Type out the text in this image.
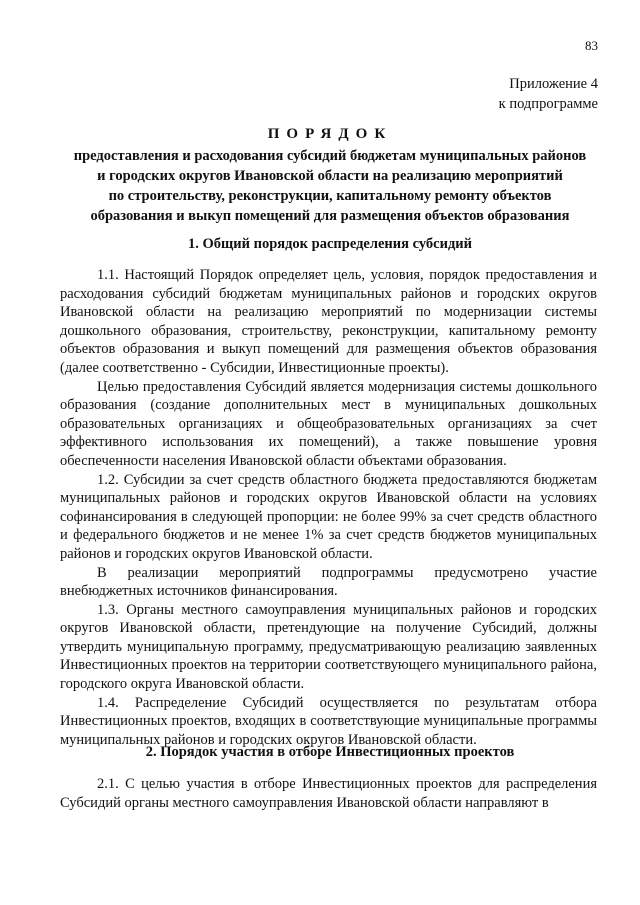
83
Приложение 4
к подпрограмме
ПОРЯДОК
предоставления и расходования субсидий бюджетам муниципальных районов
и городских округов Ивановской области на реализацию мероприятий
по строительству, реконструкции, капитальному ремонту объектов
образования и выкуп помещений для размещения объектов образования
1. Общий порядок распределения субсидий

1.1. Настоящий Порядок определяет цель, условия, порядок предоставления и расходования субсидий бюджетам муниципальных районов и городских округов Ивановской области на реализацию мероприятий по модернизации системы дошкольного образования, строительству, реконструкции, капитальному ремонту объектов образования и выкуп помещений для размещения объектов образования (далее соответственно - Субсидии, Инвестиционные проекты).

Целью предоставления Субсидий является модернизация системы дошкольного образования (создание дополнительных мест в муниципальных дошкольных образовательных организациях и общеобразовательных организациях за счет эффективного использования их помещений), а также повышение уровня обеспеченности населения Ивановской области объектами образования.

1.2. Субсидии за счет средств областного бюджета предоставляются бюджетам муниципальных районов и городских округов Ивановской области на условиях софинансирования в следующей пропорции: не более 99% за счет средств областного и федерального бюджетов и не менее 1% за счет средств бюджетов муниципальных районов и городских округов Ивановской области.

В реализации мероприятий подпрограммы предусмотрено участие внебюджетных источников финансирования.

1.3. Органы местного самоуправления муниципальных районов и городских округов Ивановской области, претендующие на получение Субсидий, должны утвердить муниципальную программу, предусматривающую реализацию заявленных Инвестиционных проектов на территории соответствующего муниципального района, городского округа Ивановской области.

1.4. Распределение Субсидий осуществляется по результатам отбора Инвестиционных проектов, входящих в соответствующие муниципальные программы муниципальных районов и городских округов Ивановской области.

2. Порядок участия в отборе Инвестиционных проектов

2.1. С целью участия в отборе Инвестиционных проектов для распределения Субсидий органы местного самоуправления Ивановской области направляют в
